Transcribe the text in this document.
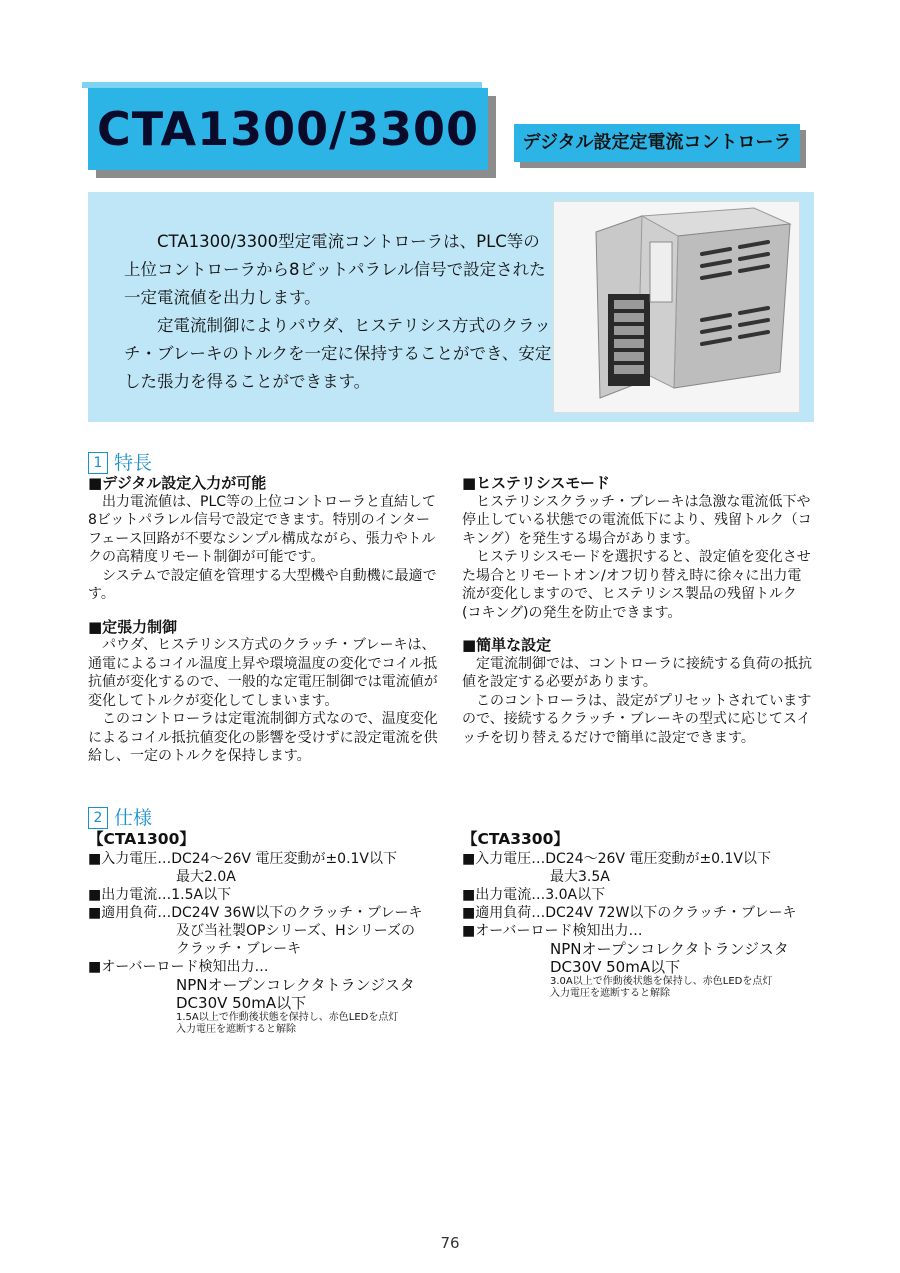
CTA1300/3300	デジタル設定定電流コントローラ

　　CTA1300/3300型定電流コントローラは、PLC等の上位コントローラから8ビットパラレル信号で設定された一定電流値を出力します。

　　定電流制御によりパウダ、ヒステリシス方式のクラッチ・ブレーキのトルクを一定に保持することができ、安定した張力を得ることができます。

1 特長
■デジタル設定入力が可能

　出力電流値は、PLC等の上位コントローラと直結して8ビットパラレル信号で設定できます。特別のインターフェース回路が不要なシンプル構成ながら、張力やトルクの高精度リモート制御が可能です。

　システムで設定値を管理する大型機や自動機に最適です。

■定張力制御

　パウダ、ヒステリシス方式のクラッチ・ブレーキは、通電によるコイル温度上昇や環境温度の変化でコイル抵抗値が変化するので、一般的な定電圧制御では電流値が変化してトルクが変化してしまいます。

　このコントローラは定電流制御方式なので、温度変化によるコイル抵抗値変化の影響を受けずに設定電流を供給し、一定のトルクを保持します。

■ヒステリシスモード

　ヒステリシスクラッチ・ブレーキは急激な電流低下や停止している状態での電流低下により、残留トルク（コキング）を発生する場合があります。

　ヒステリシスモードを選択すると、設定値を変化させた場合とリモートオン/オフ切り替え時に徐々に出力電流が変化しますので、ヒステリシス製品の残留トルク(コキング)の発生を防止できます。

■簡単な設定

　定電流制御では、コントローラに接続する負荷の抵抗値を設定する必要があります。

　このコントローラは、設定がプリセットされていますので、接続するクラッチ・ブレーキの型式に応じてスイッチを切り替えるだけで簡単に設定できます。

2 仕様
【CTA1300】
■入力電圧…DC24～26V 電圧変動が±0.1V以下
最大2.0A
■出力電流…1.5A以下
■適用負荷…DC24V 36W以下のクラッチ・ブレーキ
及び当社製OPシリーズ、Hシリーズの
クラッチ・ブレーキ
■オーバーロード検知出力…
NPNオープンコレクタトランジスタ
DC30V 50mA以下
1.5A以上で作動後状態を保持し、赤色LEDを点灯
入力電圧を遮断すると解除
【CTA3300】
■入力電圧…DC24～26V 電圧変動が±0.1V以下
最大3.5A
■出力電流…3.0A以下
■適用負荷…DC24V 72W以下のクラッチ・ブレーキ
■オーバーロード検知出力…
NPNオープンコレクタトランジスタ
DC30V 50mA以下
3.0A以上で作動後状態を保持し、赤色LEDを点灯
入力電圧を遮断すると解除
76
